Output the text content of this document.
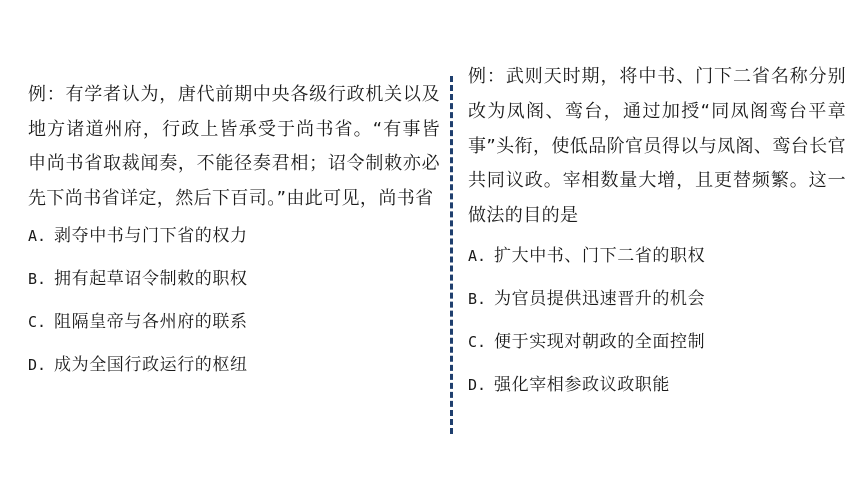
例：有学者认为，唐代前期中央各级行政机关以及地方诸道州府，行政上皆承受于尚书省。“有事皆申尚书省取裁闻奏，不能径奏君相；诏令制敕亦必先下尚书省详定，然后下百司。”由此可见，尚书省

A. 剥夺中书与门下省的权力
B. 拥有起草诏令制敕的职权
C. 阻隔皇帝与各州府的联系
D. 成为全国行政运行的枢纽

例：武则天时期，将中书、门下二省名称分别改为凤阁、鸾台，通过加授“同凤阁鸾台平章事”头衔，使低品阶官员得以与凤阁、鸾台长官共同议政。宰相数量大增，且更替频繁。这一做法的目的是

A. 扩大中书、门下二省的职权
B. 为官员提供迅速晋升的机会
C. 便于实现对朝政的全面控制
D. 强化宰相参政议政职能
